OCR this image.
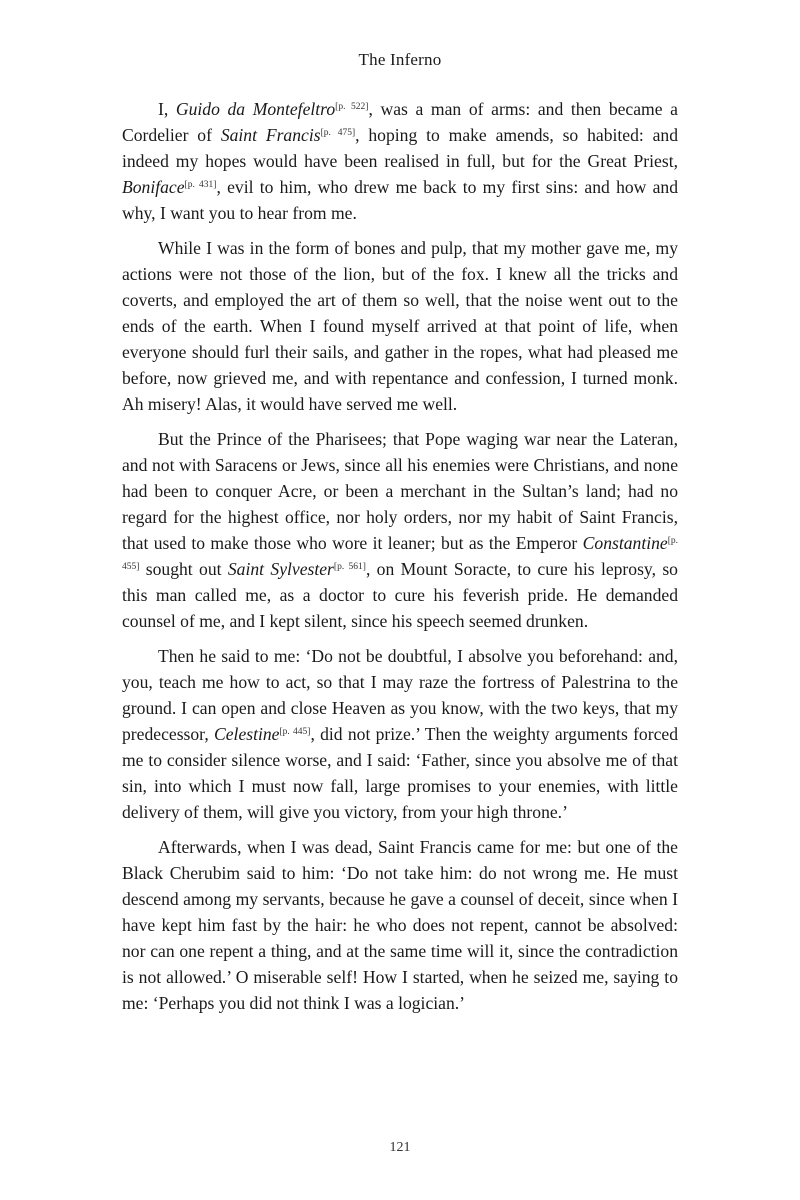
The Inferno

I, Guido da Montefeltro[p. 522], was a man of arms: and then became a Cordelier of Saint Francis[p. 475], hoping to make amends, so habited: and indeed my hopes would have been realised in full, but for the Great Priest, Boniface[p. 431], evil to him, who drew me back to my first sins: and how and why, I want you to hear from me.

While I was in the form of bones and pulp, that my mother gave me, my actions were not those of the lion, but of the fox. I knew all the tricks and coverts, and employed the art of them so well, that the noise went out to the ends of the earth. When I found myself arrived at that point of life, when everyone should furl their sails, and gather in the ropes, what had pleased me before, now grieved me, and with repentance and confession, I turned monk. Ah misery! Alas, it would have served me well.

But the Prince of the Pharisees; that Pope waging war near the Lateran, and not with Saracens or Jews, since all his enemies were Christians, and none had been to conquer Acre, or been a merchant in the Sultan’s land; had no regard for the highest office, nor holy orders, nor my habit of Saint Francis, that used to make those who wore it leaner; but as the Emperor Constantine[p. 455] sought out Saint Sylvester[p. 561], on Mount Soracte, to cure his leprosy, so this man called me, as a doctor to cure his feverish pride. He demanded counsel of me, and I kept silent, since his speech seemed drunken.

Then he said to me: ‘Do not be doubtful, I absolve you beforehand: and, you, teach me how to act, so that I may raze the fortress of Palestrina to the ground. I can open and close Heaven as you know, with the two keys, that my predecessor, Celestine[p. 445], did not prize.’ Then the weighty arguments forced me to consider silence worse, and I said: ‘Father, since you absolve me of that sin, into which I must now fall, large promises to your enemies, with little delivery of them, will give you victory, from your high throne.’

Afterwards, when I was dead, Saint Francis came for me: but one of the Black Cherubim said to him: ‘Do not take him: do not wrong me. He must descend among my servants, because he gave a counsel of deceit, since when I have kept him fast by the hair: he who does not repent, cannot be absolved: nor can one repent a thing, and at the same time will it, since the contradiction is not allowed.’ O miserable self! How I started, when he seized me, saying to me: ‘Perhaps you did not think I was a logician.’

121
